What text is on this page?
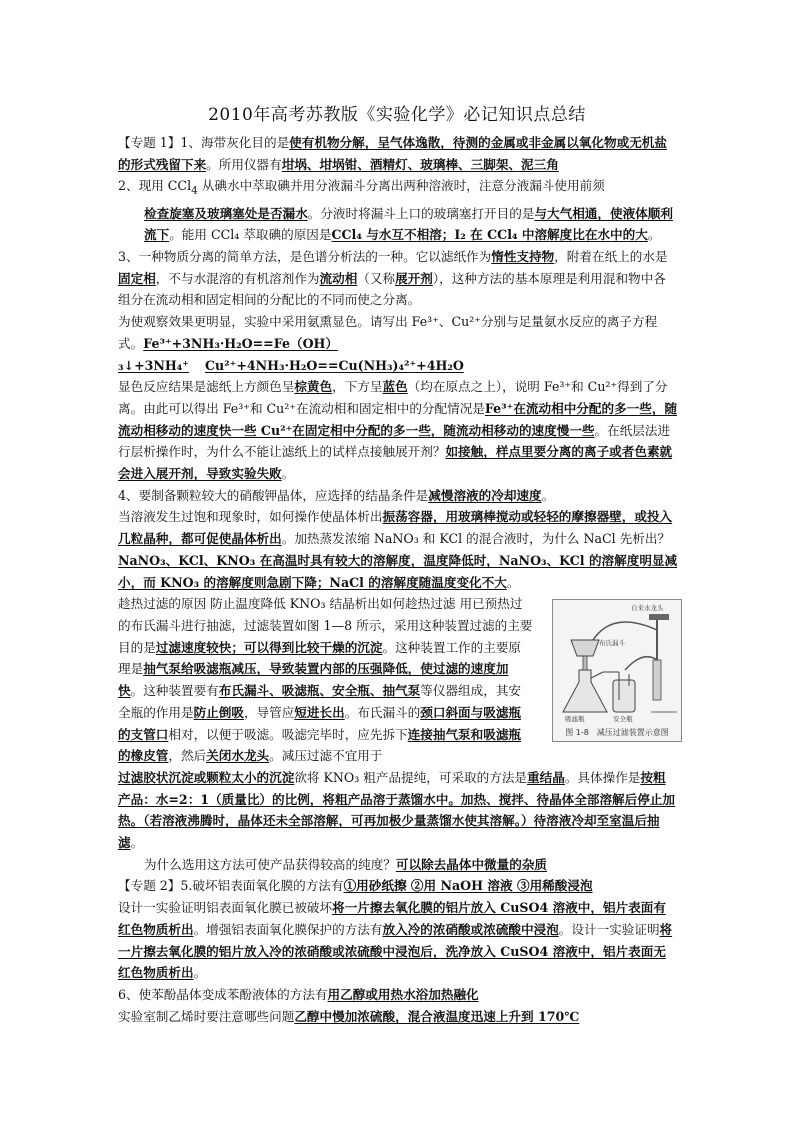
2010年高考苏教版《实验化学》必记知识点总结

【专题 1】1、海带灰化目的是使有机物分解，呈气体逸散，待测的金属或非金属以氧化物或无机盐的形式残留下来。所用仪器有坩埚、坩埚钳、酒精灯、玻璃棒、三脚架、泥三角

2、现用 CCl$_4$ 从碘水中萃取碘并用分液漏斗分离出两种溶液时，注意分液漏斗使用前须

检查旋塞及玻璃塞处是否漏水。分液时将漏斗上口的玻璃塞打开目的是与大气相通，使液体顺利流下。能用 CCl₄ 萃取碘的原因是CCl₄ 与水互不相溶；I₂ 在 CCl₄ 中溶解度比在水中的大。

3、一种物质分离的简单方法，是色谱分析法的一种。它以滤纸作为惰性支持物，附着在纸上的水是固定相，不与水混溶的有机溶剂作为流动相（又称展开剂），这种方法的基本原理是利用混和物中各组分在流动相和固定相间的分配比的不同而使之分离。

为使观察效果更明显，实验中采用氨熏显色。请写出 Fe³⁺、Cu²⁺分别与足量氨水反应的离子方程式。Fe³⁺+3NH₃·H₂O==Fe（OH）₃↓+3NH₄⁺ Cu²⁺+4NH₃·H₂O==Cu(NH₃)₄²⁺+4H₂O

显色反应结果是滤纸上方颜色呈棕黄色，下方呈蓝色（均在原点之上），说明 Fe³⁺和 Cu²⁺得到了分离。由此可以得出 Fe³⁺和 Cu²⁺在流动相和固定相中的分配情况是Fe³⁺在流动相中分配的多一些，随流动相移动的速度快一些 Cu²⁺在固定相中分配的多一些，随流动相移动的速度慢一些。在纸层法进行层析操作时，为什么不能让滤纸上的试样点接触展开剂？如接触，样点里要分离的离子或者色素就会进入展开剂，导致实验失败。

4、要制备颗粒较大的硝酸钾晶体，应选择的结晶条件是减慢溶液的冷却速度。

当溶液发生过饱和现象时，如何操作使晶体析出振荡容器，用玻璃棒搅动或轻轻的摩擦器壁，或投入几粒晶种，都可促使晶体析出。加热蒸发浓缩 NaNO₃ 和 KCl 的混合液时，为什么 NaCl 先析出？NaNO₃、KCl、KNO₃ 在高温时具有较大的溶解度，温度降低时，NaNO₃、KCl 的溶解度明显减小，而 KNO₃ 的溶解度则急剧下降；NaCl 的溶解度随温度变化不大。

趁热过滤的原因 防止温度降低 KNO₃ 结晶析出如何趁热过滤 用已预热过的布氏漏斗进行抽滤，过滤装置如图 1—8 所示，采用这种装置过滤的主要目的是过滤速度较快；可以得到比较干燥的沉淀。这种装置工作的主要原理是抽气泵给吸滤瓶减压，导致装置内部的压强降低，使过滤的速度加快。这种装置要有布氏漏斗、吸滤瓶、安全瓶、抽气泵等仪器组成，其安全瓶的作用是防止倒吸，导管应短进长出。布氏漏斗的颈口斜面与吸滤瓶的支管口相对，以便于吸滤。吸滤完毕时，应先拆下连接抽气泵和吸滤瓶的橡皮管，然后关闭水龙头。减压过滤不宜用于

过滤胶状沉淀或颗粒太小的沉淀欲将 KNO₃ 粗产品提纯，可采取的方法是重结晶。具体操作是按粗产品：水=2：1（质量比）的比例，将粗产品溶于蒸馏水中。加热、搅拌、待晶体全部溶解后停止加热。（若溶液沸腾时，晶体还未全部溶解，可再加极少量蒸馏水使其溶解。）待溶液冷却至室温后抽滤。

为什么选用这方法可使产品获得较高的纯度？可以除去晶体中微量的杂质

【专题 2】5.破坏铝表面氧化膜的方法有①用砂纸擦 ②用 NaOH 溶液 ③用稀酸浸泡

设计一实验证明铝表面氧化膜已被破坏将一片擦去氧化膜的铝片放入 CuSO4 溶液中，铝片表面有红色物质析出。增强铝表面氧化膜保护的方法有放入冷的浓硝酸或浓硫酸中浸泡。设计一实验证明将一片擦去氧化膜的铝片放入冷的浓硝酸或浓硫酸中浸泡后，洗净放入 CuSO4 溶液中，铝片表面无红色物质析出。

6、使苯酚晶体变成苯酚液体的方法有用乙醇或用热水浴加热融化

实验室制乙烯时要注意哪些问题乙醇中慢加浓硫酸，混合液温度迅速上升到 170℃

自来水龙头
布氏漏斗
安全瓶
吸滤瓶
图 1-8　减压过滤装置示意图
